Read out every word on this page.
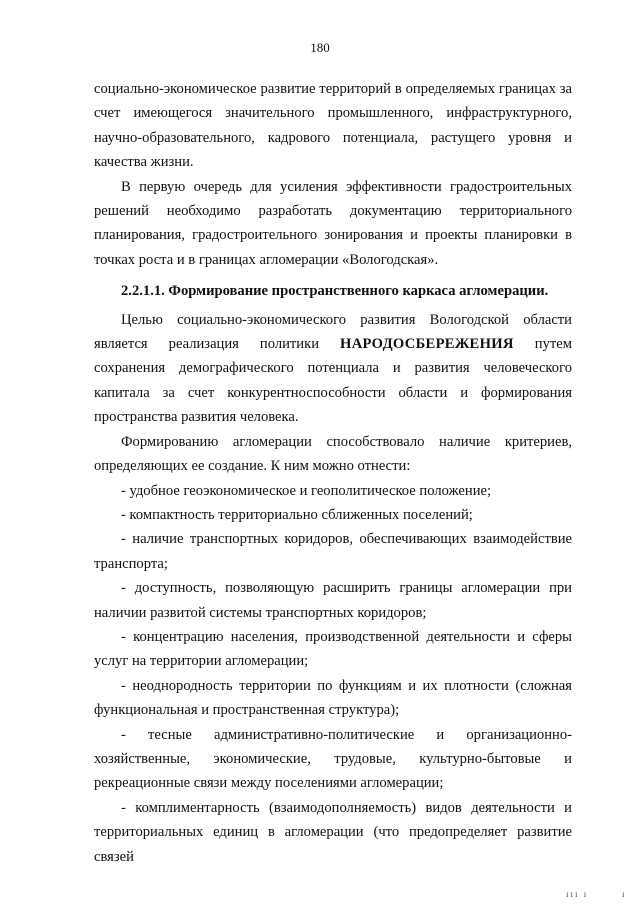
180

социально-экономическое развитие территорий в определяемых границах за счет имеющегося значительного промышленного, инфраструктурного, научно-образовательного, кадрового потенциала, растущего уровня и качества жизни.

В первую очередь для усиления эффективности градостроительных решений необходимо разработать документацию территориального планирования, градостроительного зонирования и проекты планировки в точках роста и в границах агломерации «Вологодская».

2.2.1.1. Формирование пространственного каркаса агломерации.

Целью социально-экономического развития Вологодской области является реализация политики НАРОДОСБЕРЕЖЕНИЯ путем сохранения демографического потенциала и развития человеческого капитала за счет конкурентноспособности области и формирования пространства развития человека.

Формированию агломерации способствовало наличие критериев, определяющих ее создание. К ним можно отнести:

- удобное геоэкономическое и геополитическое положение;

- компактность территориально сближенных поселений;

- наличие транспортных коридоров, обеспечивающих взаимодействие транспорта;

- доступность, позволяющую расширить границы агломерации при наличии развитой системы транспортных коридоров;

- концентрацию населения, производственной деятельности и сферы услуг на территории агломерации;

- неоднородность территории по функциям и их плотности (сложная функциональная и пространственная структура);

- тесные административно-политические и организационно-хозяйственные, экономические, трудовые, культурно-бытовые и рекреационные связи между поселениями агломерации;

- комплиментарность (взаимодополняемость) видов деятельности и территориальных единиц в агломерации (что предопределяет развитие связей

ııı ı	ı
